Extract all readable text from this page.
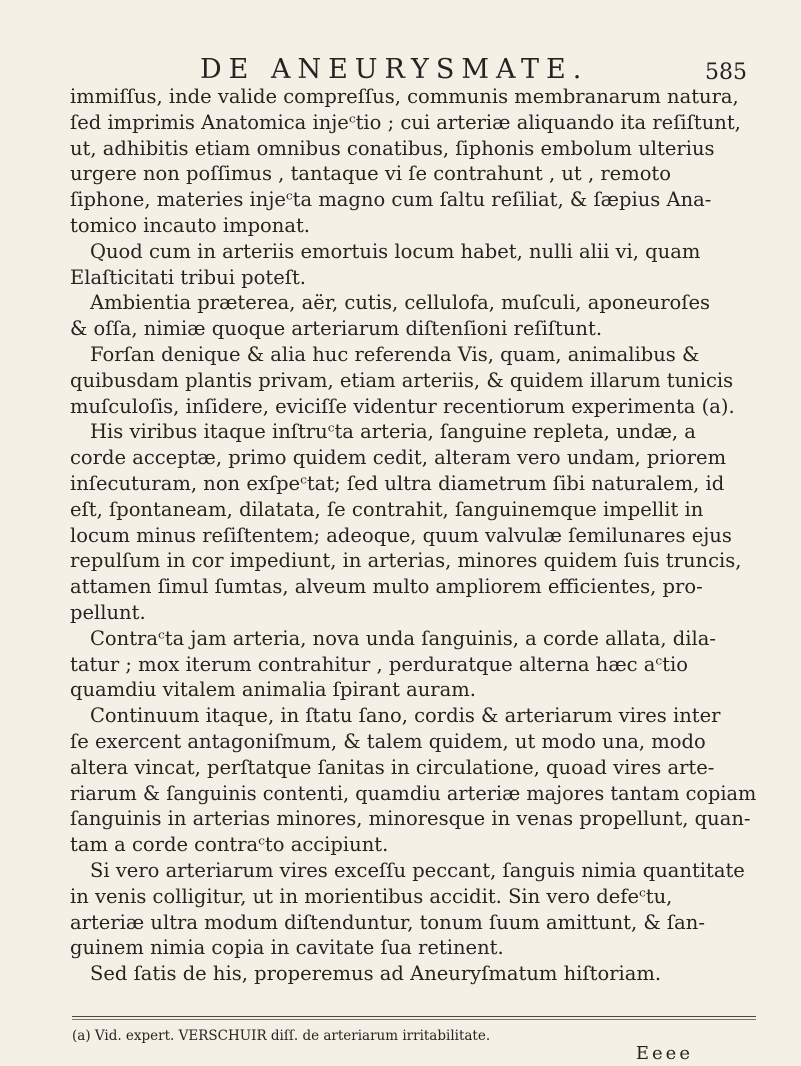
DE ANEURYSMATE.	585
immiſſus, inde valide compreſſus, communis membranarum natura,
ſed imprimis Anatomica injeᶜtio ; cui arteriæ aliquando ita reſiſtunt,
ut, adhibitis etiam omnibus conatibus, ſiphonis embolum ulterius
urgere non poſſimus , tantaque vi ſe contrahunt , ut , remoto
ſiphone, materies injeᶜta magno cum ſaltu reſiliat, & ſæpius Ana-
tomico incauto imponat.
Quod cum in arteriis emortuis locum habet, nulli alii vi, quam
Elaſticitati tribui poteſt.
Ambientia præterea, aër, cutis, cellulofa, muſculi, aponeuroſes
& oſſa, nimiæ quoque arteriarum diſtenſioni reſiſtunt.
Forſan denique & alia huc referenda Vis, quam, animalibus &
quibusdam plantis privam, etiam arteriis, & quidem illarum tunicis
muſculoſis, inſidere, eviciſſe videntur recentiorum experimenta (a).
His viribus itaque inſtruᶜta arteria, ſanguine repleta, undæ, a
corde acceptæ, primo quidem cedit, alteram vero undam, priorem
inſecuturam, non exſpeᶜtat; ſed ultra diametrum ſibi naturalem, id
eſt, ſpontaneam, dilatata, ſe contrahit, ſanguinemque impellit in
locum minus reſiſtentem; adeoque, quum valvulæ ſemilunares ejus
repulſum in cor impediunt, in arterias, minores quidem ſuis truncis,
attamen ſimul ſumtas, alveum multo ampliorem efficientes, pro-
pellunt.
Contraᶜta jam arteria, nova unda ſanguinis, a corde allata, dila-
tatur ; mox iterum contrahitur , perduratque alterna hæc aᶜtio
quamdiu vitalem animalia ſpirant auram.
Continuum itaque, in ſtatu ſano, cordis & arteriarum vires inter
ſe exercent antagoniſmum, & talem quidem, ut modo una, modo
altera vincat, perſtatque ſanitas in circulatione, quoad vires arte-
riarum & ſanguinis contenti, quamdiu arteriæ majores tantam copiam
ſanguinis in arterias minores, minoresque in venas propellunt, quan-
tam a corde contraᶜto accipiunt.
Si vero arteriarum vires exceſſu peccant, ſanguis nimia quantitate
in venis colligitur, ut in morientibus accidit. Sin vero defeᶜtu,
arteriæ ultra modum diſtenduntur, tonum ſuum amittunt, & ſan-
guinem nimia copia in cavitate ſua retinent.
Sed ſatis de his, properemus ad Aneuryſmatum hiſtoriam.
(a) Vid. expert. VERSCHUIR diſſ. de arteriarum irritabilitate.
Eeee
